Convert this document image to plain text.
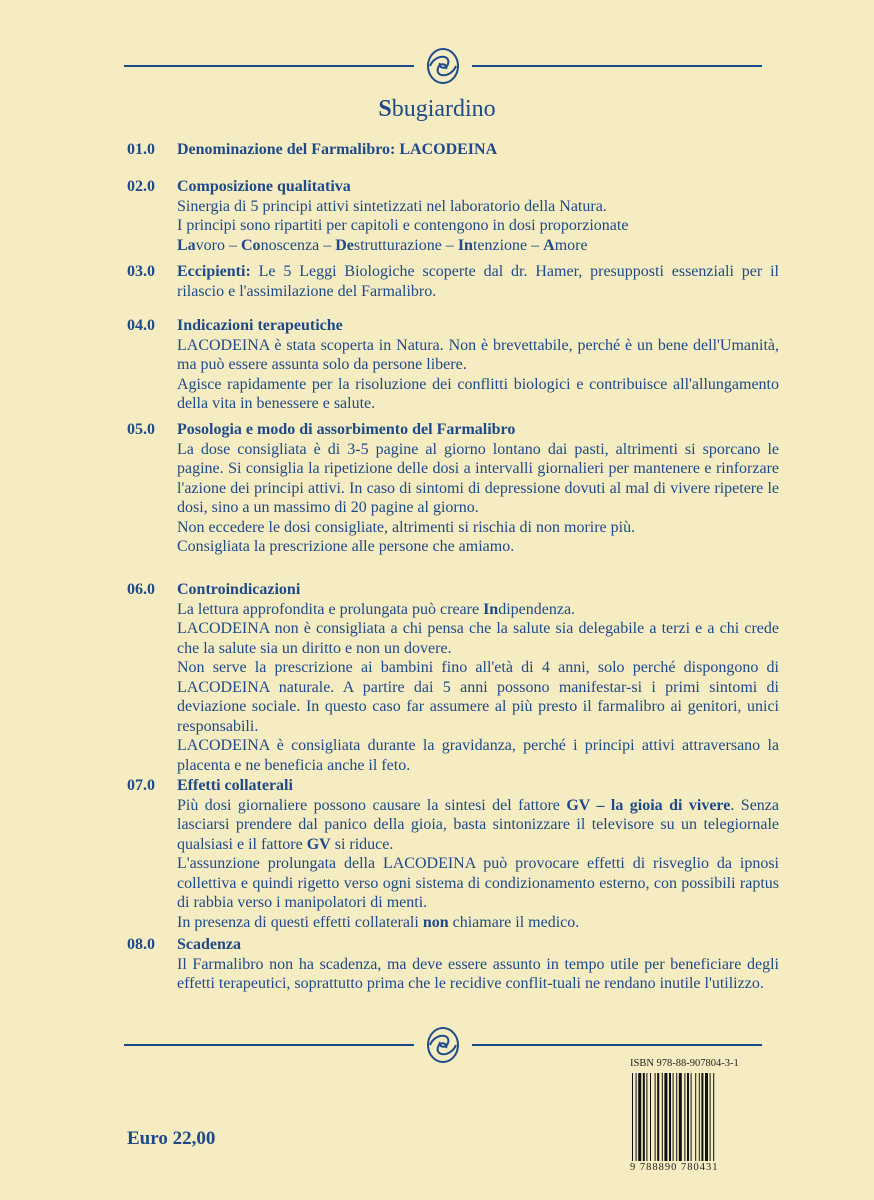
Sbugiardino
01.0 Denominazione del Farmalibro: LACODEINA
02.0 Composizione qualitativa

Sinergia di 5 principi attivi sintetizzati nel laboratorio della Natura.

I principi sono ripartiti per capitoli e contengono in dosi proporzionate

Lavoro – Conoscenza – Destrutturazione – Intenzione – Amore

03.0 Eccipienti: Le 5 Leggi Biologiche scoperte dal dr. Hamer, presupposti essenziali per il rilascio e l'assimilazione del Farmalibro.

04.0 Indicazioni terapeutiche

LACODEINA è stata scoperta in Natura. Non è brevettabile, perché è un bene dell'Umanità, ma può essere assunta solo da persone libere.

Agisce rapidamente per la risoluzione dei conflitti biologici e contribuisce all'allungamento della vita in benessere e salute.

05.0 Posologia e modo di assorbimento del Farmalibro

La dose consigliata è di 3-5 pagine al giorno lontano dai pasti, altrimenti si sporcano le pagine. Si consiglia la ripetizione delle dosi a intervalli giornalieri per mantenere e rinforzare l'azione dei principi attivi. In caso di sintomi di depressione dovuti al mal di vivere ripetere le dosi, sino a un massimo di 20 pagine al giorno.

Non eccedere le dosi consigliate, altrimenti si rischia di non morire più.

Consigliata la prescrizione alle persone che amiamo.

06.0 Controindicazioni

La lettura approfondita e prolungata può creare Indipendenza.

LACODEINA non è consigliata a chi pensa che la salute sia delegabile a terzi e a chi crede che la salute sia un diritto e non un dovere.

Non serve la prescrizione ai bambini fino all'età di 4 anni, solo perché dispongono di LACODEINA naturale. A partire dai 5 anni possono manifestar-si i primi sintomi di deviazione sociale. In questo caso far assumere al più presto il farmalibro ai genitori, unici responsabili.

LACODEINA è consigliata durante la gravidanza, perché i principi attivi attraversano la placenta e ne beneficia anche il feto.

07.0 Effetti collaterali

Più dosi giornaliere possono causare la sintesi del fattore GV – la gioia di vivere. Senza lasciarsi prendere dal panico della gioia, basta sintonizzare il televisore su un telegiornale qualsiasi e il fattore GV si riduce.

L'assunzione prolungata della LACODEINA può provocare effetti di risveglio da ipnosi collettiva e quindi rigetto verso ogni sistema di condizionamento esterno, con possibili raptus di rabbia verso i manipolatori di menti.

In presenza di questi effetti collaterali non chiamare il medico.

08.0 Scadenza

Il Farmalibro non ha scadenza, ma deve essere assunto in tempo utile per beneficiare degli effetti terapeutici, soprattutto prima che le recidive conflit-tuali ne rendano inutile l'utilizzo.

Euro 22,00
ISBN 978-88-907804-3-1
9 788890 780431
